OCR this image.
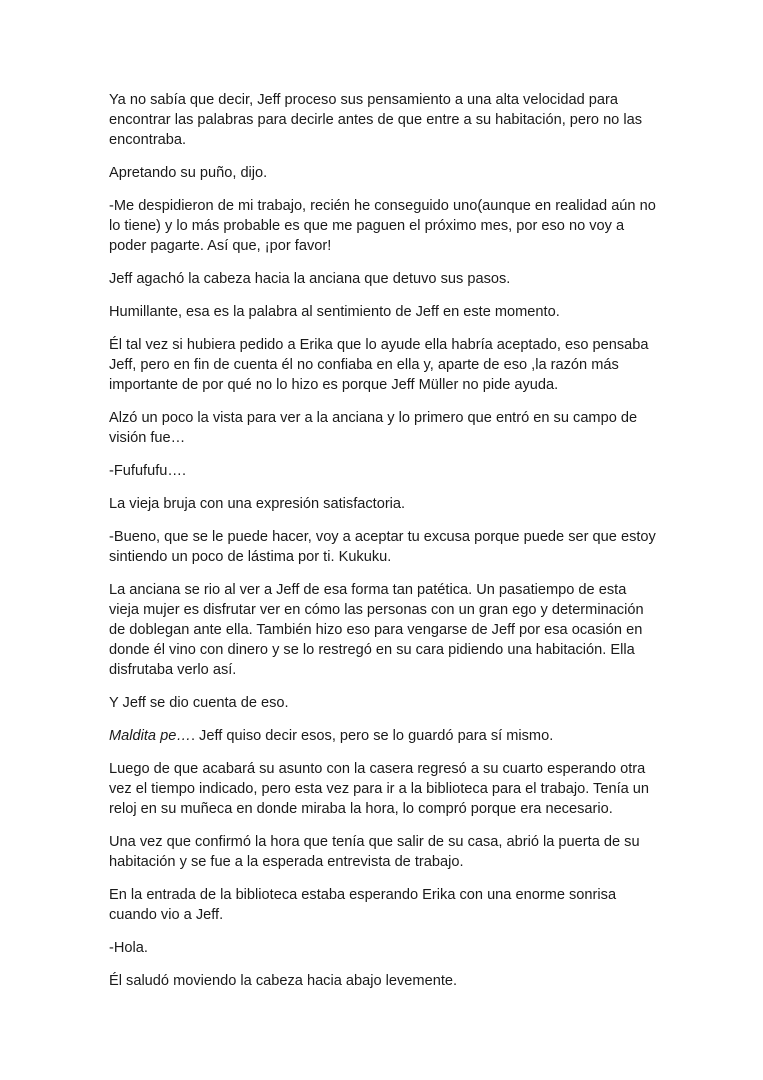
Ya no sabía que decir, Jeff proceso sus pensamiento a una alta velocidad para encontrar las palabras para decirle antes de que entre a su habitación, pero no las encontraba.

Apretando su puño, dijo.

-Me despidieron de mi trabajo, recién he conseguido uno(aunque en realidad aún no lo tiene) y lo más probable es que me paguen el próximo mes, por eso no voy a poder pagarte. Así que, ¡por favor!

Jeff agachó la cabeza hacia la anciana que detuvo sus pasos.

Humillante, esa es la palabra al sentimiento de Jeff en este momento.

Él tal vez si hubiera pedido a Erika que lo ayude ella habría aceptado, eso pensaba Jeff, pero en fin de cuenta él no confiaba en ella y, aparte de eso ,la razón más importante de por qué no lo hizo es porque Jeff Müller no pide ayuda.

Alzó un poco la vista para ver a la anciana y lo primero que entró en su campo de visión fue…

-Fufufufu….

La vieja bruja con una expresión satisfactoria.

-Bueno, que se le puede hacer, voy a aceptar tu excusa porque puede ser que estoy sintiendo un poco de lástima por ti. Kukuku.

La anciana se rio al ver a Jeff de esa forma tan patética. Un pasatiempo de esta vieja mujer es disfrutar ver en cómo las personas con un gran ego y determinación de doblegan ante ella. También hizo eso para vengarse de Jeff por esa ocasión en donde él vino con dinero y se lo restregó en su cara pidiendo una habitación. Ella disfrutaba verlo así.

Y Jeff se dio cuenta de eso.

Maldita pe…. Jeff quiso decir esos, pero se lo guardó para sí mismo.

Luego de que acabará su asunto con la casera regresó a su cuarto esperando otra vez el tiempo indicado, pero esta vez para ir a la biblioteca para el trabajo. Tenía un reloj en su muñeca en donde miraba la hora, lo compró porque era necesario.

Una vez que confirmó la hora que tenía que salir de su casa, abrió la puerta de su habitación y se fue a la esperada entrevista de trabajo.

En la entrada de la biblioteca estaba esperando Erika con una enorme sonrisa cuando vio a Jeff.

-Hola.

Él saludó moviendo la cabeza hacia abajo levemente.
